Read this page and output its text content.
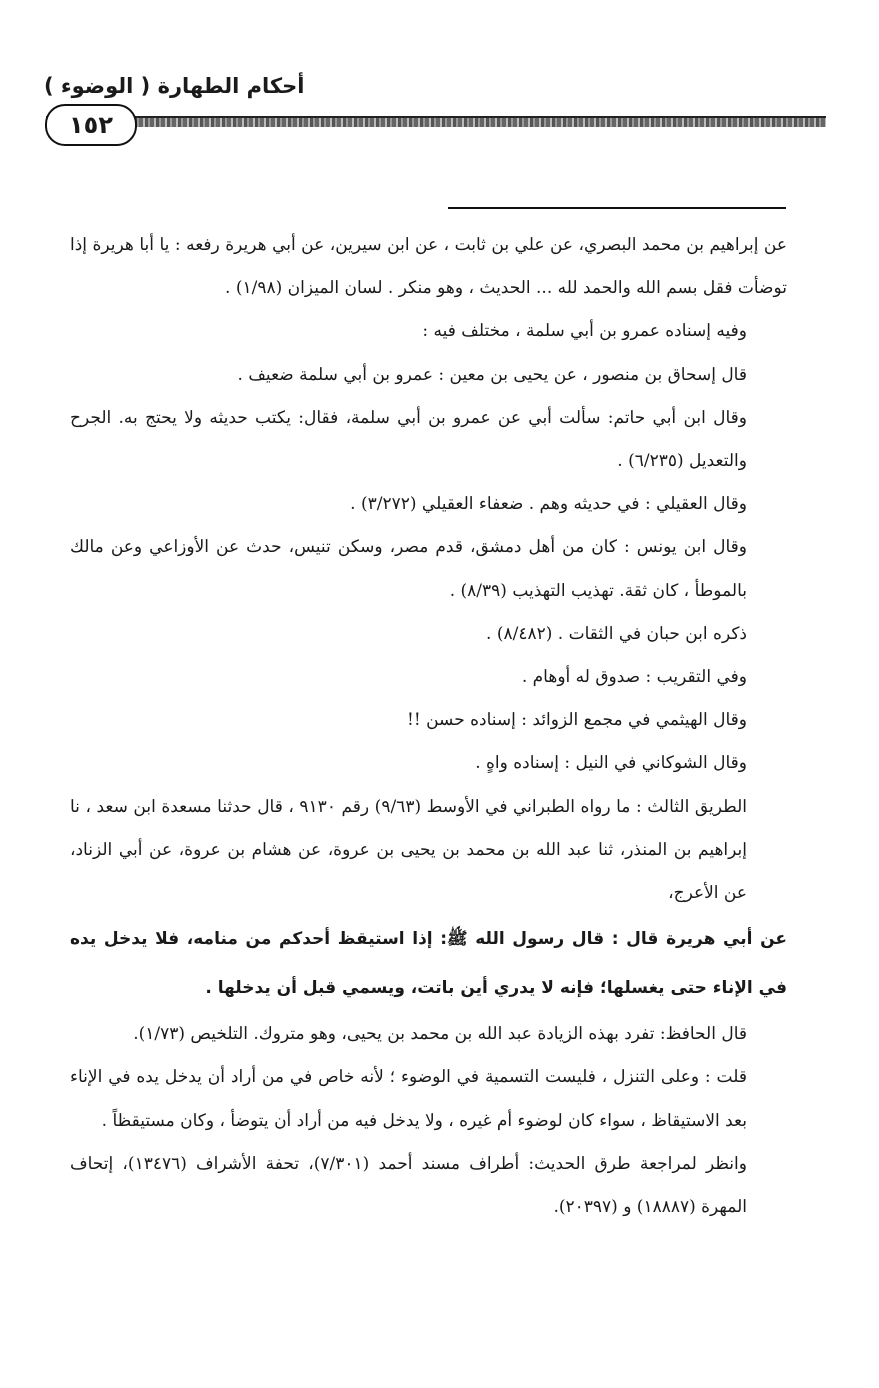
أحكام الطهارة ( الوضوء )
١٥٢

عن إبراهيم بن محمد البصري، عن علي بن ثابت ، عن ابن سيرين، عن أبي هريرة رفعه : يا أبا هريرة إذا توضأت فقل بسم الله والحمد لله ... الحديث ، وهو منكر . لسان الميزان (١/٩٨) .

وفيه إسناده عمرو بن أبي سلمة ، مختلف فيه :

قال إسحاق بن منصور ، عن يحيى بن معين : عمرو بن أبي سلمة ضعيف .

وقال ابن أبي حاتم: سألت أبي عن عمرو بن أبي سلمة، فقال: يكتب حديثه ولا يحتج به. الجرح والتعديل (٦/٢٣٥) .

وقال العقيلي : في حديثه وهم . ضعفاء العقيلي (٣/٢٧٢) .

وقال ابن يونس : كان من أهل دمشق، قدم مصر، وسكن تنيس، حدث عن الأوزاعي وعن مالك بالموطأ ، كان ثقة. تهذيب التهذيب (٨/٣٩) .

ذكره ابن حبان في الثقات . (٨/٤٨٢) .

وفي التقريب : صدوق له أوهام .

وقال الهيثمي في مجمع الزوائد : إسناده حسن !!

وقال الشوكاني في النيل : إسناده واهٍ .

الطريق الثالث : ما رواه الطبراني في الأوسط (٩/٦٣) رقم ٩١٣٠ ، قال حدثنا مسعدة ابن سعد ، نا إبراهيم بن المنذر، ثنا عبد الله بن محمد بن يحيى بن عروة، عن هشام بن عروة، عن أبي الزناد، عن الأعرج،

عن أبي هريرة قال : قال رسول الله ﷺ: إذا استيقظ أحدكم من منامه، فلا يدخل يده في الإناء حتى يغسلها؛ فإنه لا يدري أين باتت، ويسمي قبل أن يدخلها .

قال الحافظ: تفرد بهذه الزيادة عبد الله بن محمد بن يحيى، وهو متروك. التلخيص (١/٧٣).

قلت : وعلى التنزل ، فليست التسمية في الوضوء ؛ لأنه خاص في من أراد أن يدخل يده في الإناء بعد الاستيقاظ ، سواء كان لوضوء أم غيره ، ولا يدخل فيه من أراد أن يتوضأ ، وكان مستيقظاً .

وانظر لمراجعة طرق الحديث: أطراف مسند أحمد (٧/٣٠١)، تحفة الأشراف (١٣٤٧٦)، إتحاف المهرة (١٨٨٨٧) و (٢٠٣٩٧).
